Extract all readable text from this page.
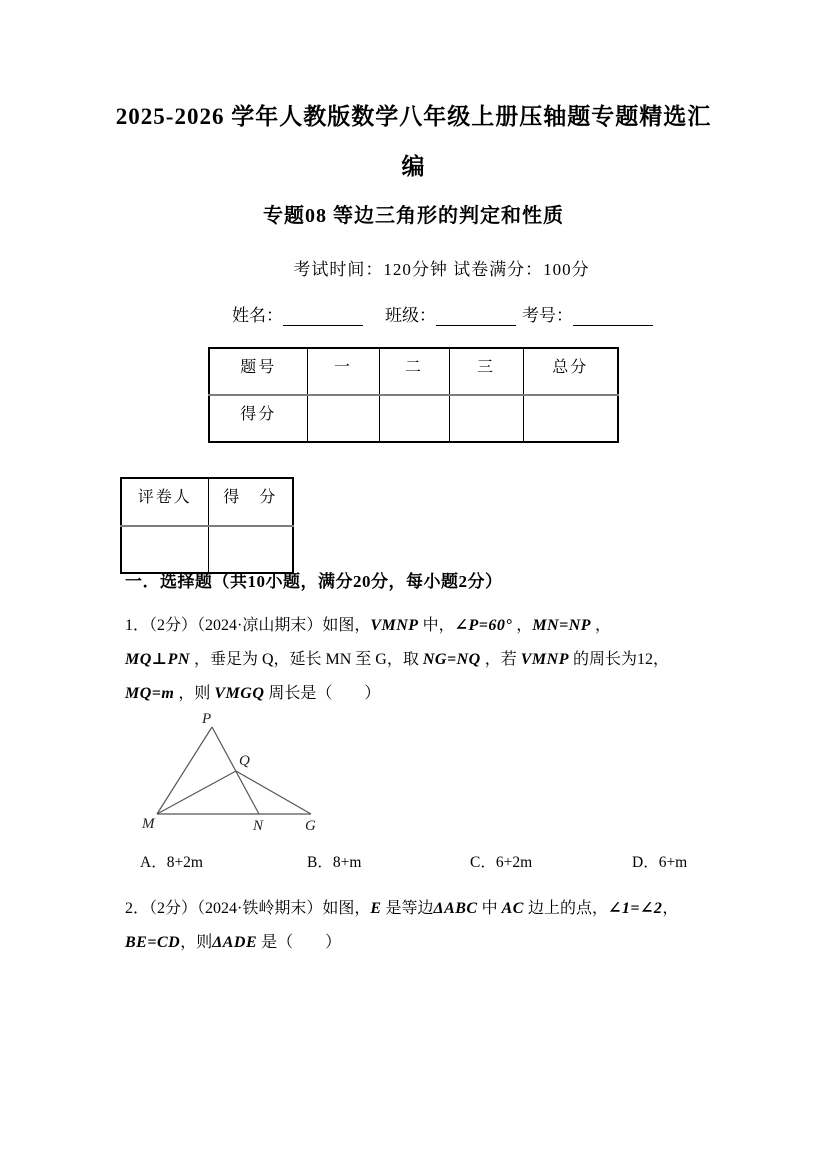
2025-2026 学年人教版数学八年级上册压轴题专题精选汇
编
专题08 等边三角形的判定和性质
考试时间：120分钟 试卷满分：100分
姓名：	班级：	考号：
题号	一	二	三	总分
得分				
评卷人	得　分

一．选择题（共10小题，满分20分，每小题2分）
1．（2分）（2024·凉山期末）如图，VMNP 中，∠P=60° ，MN=NP ，
MQ⊥PN ，垂足为 Q，延长 MN 至 G，取 NG=NQ ，若 VMNP 的周长为12，
MQ=m ，则 VMGQ 周长是（　　）
P
Q
M	N	G
A．8+2m	B．8+m	C．6+2m	D．6+m
2．（2分）（2024·铁岭期末）如图，E 是等边ΔABC 中 AC 边上的点，∠1=∠2，
BE=CD，则ΔADE 是（　　）
